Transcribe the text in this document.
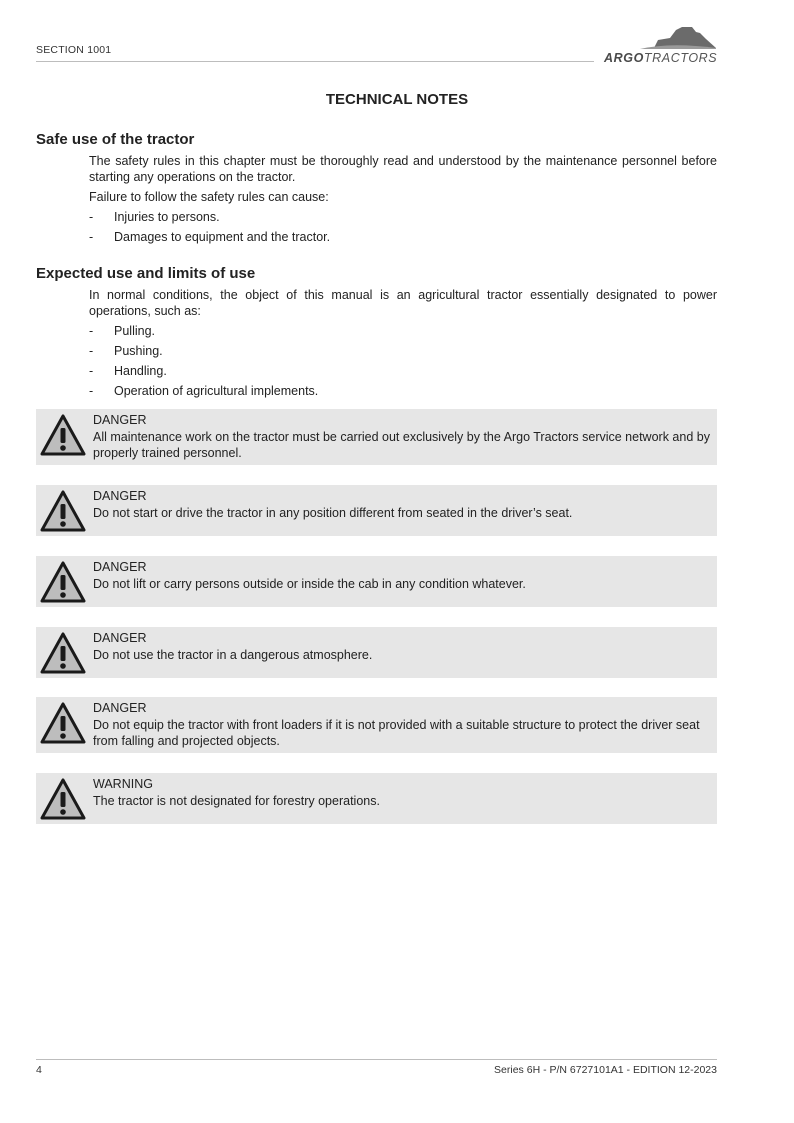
SECTION 1001
ARGOTRACTORS
TECHNICAL NOTES
Safe use of the tractor

The safety rules in this chapter must be thoroughly read and understood by the maintenance personnel before starting any operations on the tractor.

Failure to follow the safety rules can cause:

- Injuries to persons.
- Damages to equipment and the tractor.
Expected use and limits of use

In normal conditions, the object of this manual is an agricultural tractor essentially designated to power operations, such as:

- Pulling.
- Pushing.
- Handling.
- Operation of agricultural implements.
DANGER
All maintenance work on the tractor must be carried out exclusively by the Argo Tractors service network and by properly trained personnel.
DANGER
Do not start or drive the tractor in any position different from seated in the driver’s seat.
DANGER
Do not lift or carry persons outside or inside the cab in any condition whatever.
DANGER
Do not use the tractor in a dangerous atmosphere.
DANGER
Do not equip the tractor with front loaders if it is not provided with a suitable structure to protect the driver seat from falling and projected objects.
WARNING
The tractor is not designated for forestry operations.
4	Series 6H - P/N 6727101A1 - EDITION 12-2023
